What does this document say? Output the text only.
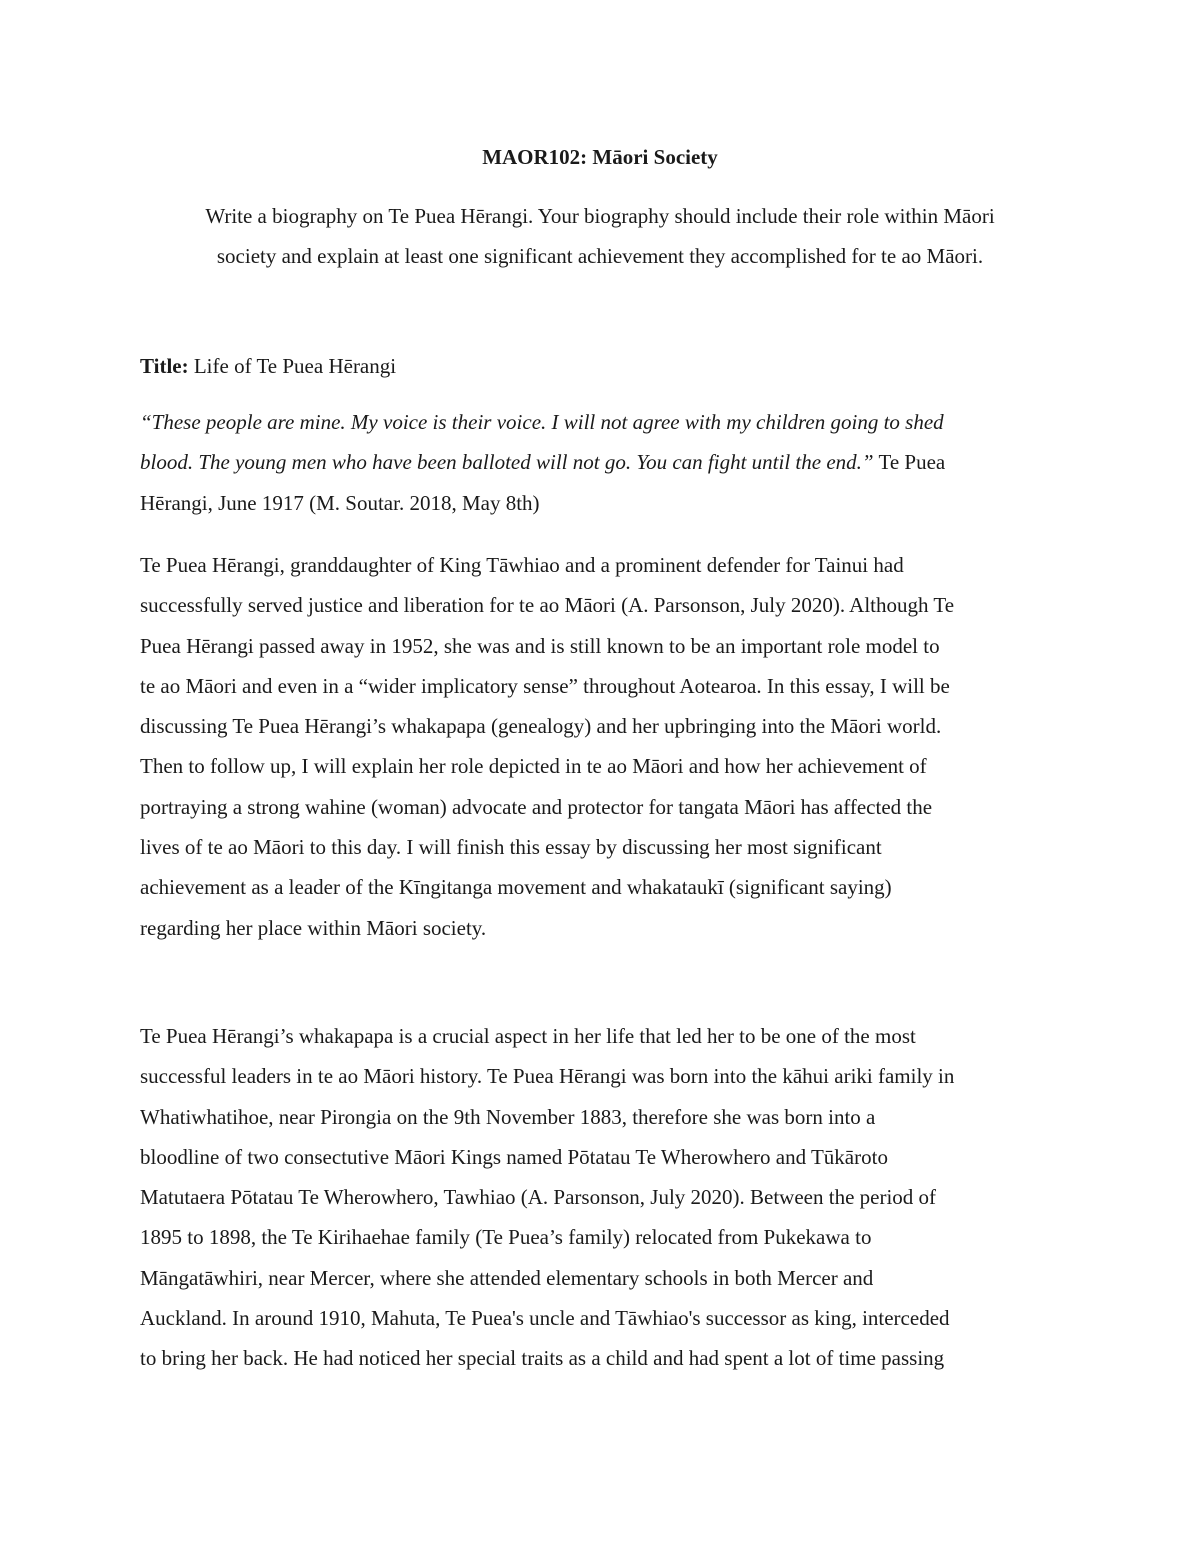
MAOR102: Māori Society
Write a biography on Te Puea Hērangi. Your biography should include their role within Māori
society and explain at least one significant achievement they accomplished for te ao Māori.
Title: Life of Te Puea Hērangi
“These people are mine. My voice is their voice. I will not agree with my children going to shed
blood. The young men who have been balloted will not go. You can fight until the end.” Te Puea
Hērangi, June 1917 (M. Soutar. 2018, May 8th)
Te Puea Hērangi, granddaughter of King Tāwhiao and a prominent defender for Tainui had
successfully served justice and liberation for te ao Māori (A. Parsonson, July 2020). Although Te
Puea Hērangi passed away in 1952, she was and is still known to be an important role model to
te ao Māori and even in a “wider implicatory sense” throughout Aotearoa. In this essay, I will be
discussing Te Puea Hērangi’s whakapapa (genealogy) and her upbringing into the Māori world.
Then to follow up, I will explain her role depicted in te ao Māori and how her achievement of
portraying a strong wahine (woman) advocate and protector for tangata Māori has affected the
lives of te ao Māori to this day. I will finish this essay by discussing her most significant
achievement as a leader of the Kīngitanga movement and whakataukī (significant saying)
regarding her place within Māori society.
Te Puea Hērangi’s whakapapa is a crucial aspect in her life that led her to be one of the most
successful leaders in te ao Māori history. Te Puea Hērangi was born into the kāhui ariki family in
Whatiwhatihoe, near Pirongia on the 9th November 1883, therefore she was born into a
bloodline of two consectutive Māori Kings named Pōtatau Te Wherowhero and Tūkāroto
Matutaera Pōtatau Te Wherowhero, Tawhiao (A. Parsonson, July 2020). Between the period of
1895 to 1898, the Te Kirihaehae family (Te Puea’s family) relocated from Pukekawa to
Māngatāwhiri, near Mercer, where she attended elementary schools in both Mercer and
Auckland. In around 1910, Mahuta, Te Puea's uncle and Tāwhiao's successor as king, interceded
to bring her back. He had noticed her special traits as a child and had spent a lot of time passing
